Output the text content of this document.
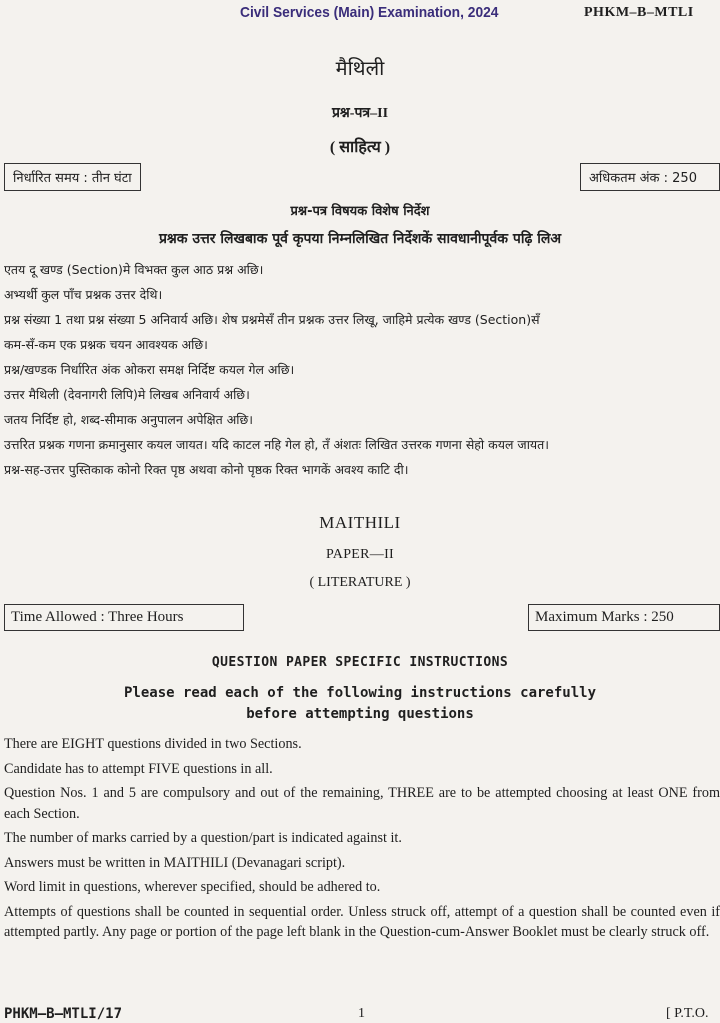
Civil Services (Main) Examination, 2024	PHKM–B–MTLI
मैथिली
प्रश्न-पत्र–II
( साहित्य )
निर्धारित समय : तीन घंटा	अधिकतम अंक : 250
प्रश्न-पत्र विषयक विशेष निर्देश
प्रश्नक उत्तर लिखबाक पूर्व कृपया निम्नलिखित निर्देशकें सावधानीपूर्वक पढ़ि लिअ

एतय दू खण्ड (Section)मे विभक्त कुल आठ प्रश्न अछि।

अभ्यर्थी कुल पाँच प्रश्नक उत्तर देथि।

प्रश्न संख्या 1 तथा प्रश्न संख्या 5 अनिवार्य अछि। शेष प्रश्नमेसँ तीन प्रश्नक उत्तर लिखू, जाहिमे प्रत्येक खण्ड (Section)सँ

कम-सँ-कम एक प्रश्नक चयन आवश्यक अछि।

प्रश्न/खण्डक निर्धारित अंक ओकरा समक्ष निर्दिष्ट कयल गेल अछि।

उत्तर मैथिली (देवनागरी लिपि)मे लिखब अनिवार्य अछि।

जतय निर्दिष्ट हो, शब्द-सीमाक अनुपालन अपेक्षित अछि।

उत्तरित प्रश्नक गणना क्रमानुसार कयल जायत। यदि काटल नहि गेल हो, तँ अंशतः लिखित उत्तरक गणना सेहो कयल जायत।

प्रश्न-सह-उत्तर पुस्तिकाक कोनो रिक्त पृष्ठ अथवा कोनो पृष्ठक रिक्त भागकें अवश्य काटि दी।

MAITHILI
PAPER—II
( LITERATURE )
Time Allowed : Three Hours	Maximum Marks : 250
QUESTION PAPER SPECIFIC INSTRUCTIONS
Please read each of the following instructions carefully
before attempting questions

There are EIGHT questions divided in two Sections.

Candidate has to attempt FIVE questions in all.

Question Nos. 1 and 5 are compulsory and out of the remaining, THREE are to be attempted choosing at least ONE from each Section.

The number of marks carried by a question/part is indicated against it.

Answers must be written in MAITHILI (Devanagari script).

Word limit in questions, wherever specified, should be adhered to.

Attempts of questions shall be counted in sequential order. Unless struck off, attempt of a question shall be counted even if attempted partly. Any page or portion of the page left blank in the Question-cum-Answer Booklet must be clearly struck off.

PHKM–B–MTLI/17	1	[ P.T.O.
